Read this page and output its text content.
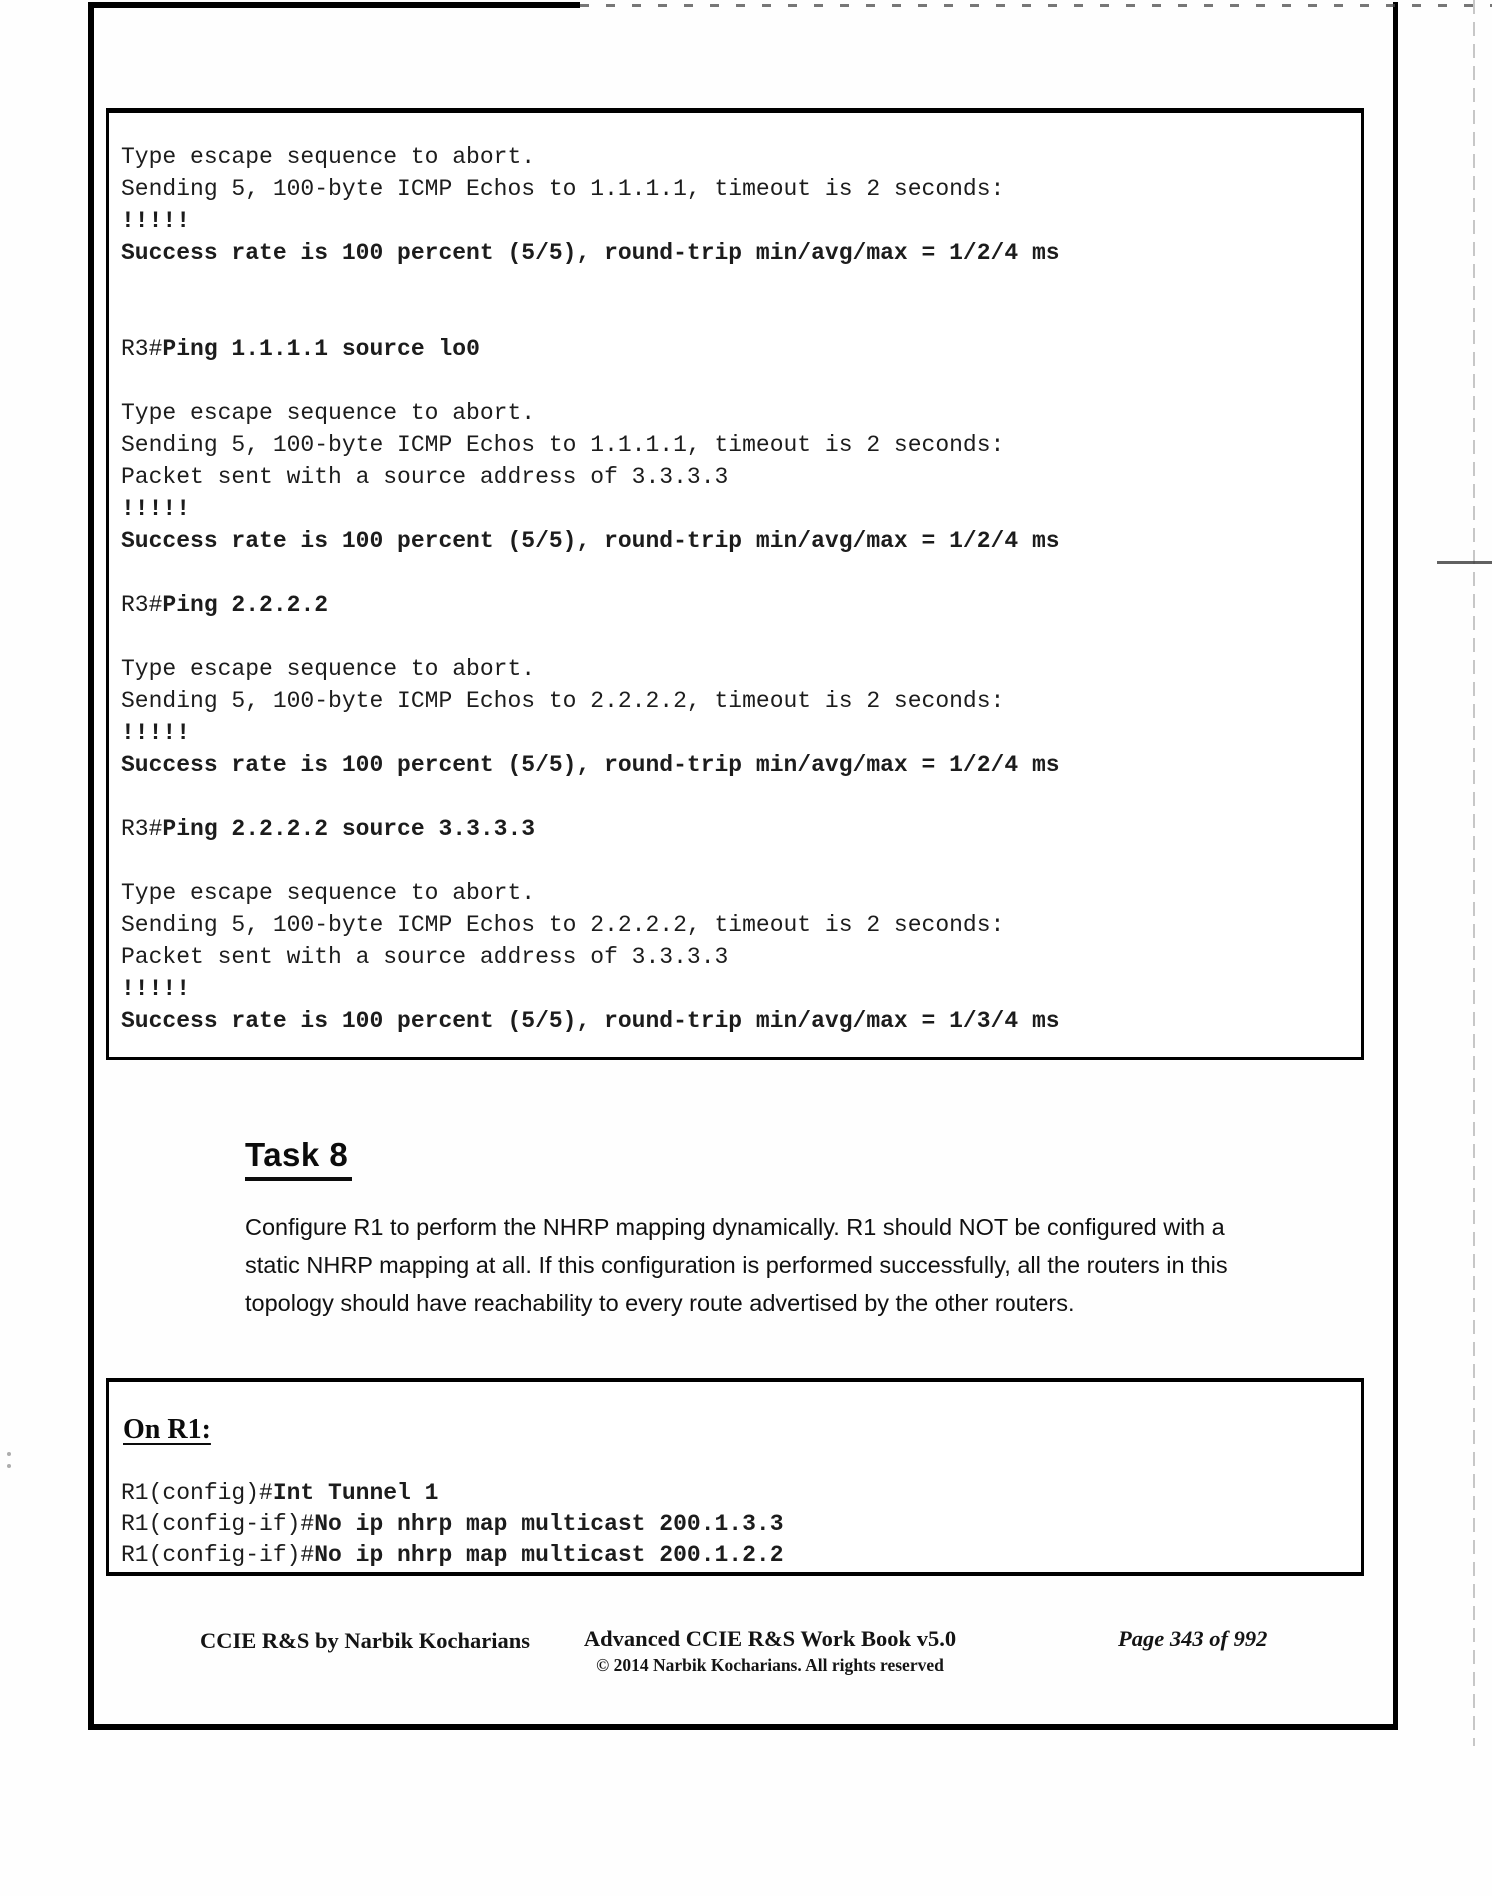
Type escape sequence to abort.
Sending 5, 100-byte ICMP Echos to 1.1.1.1, timeout is 2 seconds:
!!!!!
Success rate is 100 percent (5/5), round-trip min/avg/max = 1/2/4 ms
R3#Ping 1.1.1.1 source lo0
Type escape sequence to abort.
Sending 5, 100-byte ICMP Echos to 1.1.1.1, timeout is 2 seconds:
Packet sent with a source address of 3.3.3.3
!!!!!
Success rate is 100 percent (5/5), round-trip min/avg/max = 1/2/4 ms
R3#Ping 2.2.2.2
Type escape sequence to abort.
Sending 5, 100-byte ICMP Echos to 2.2.2.2, timeout is 2 seconds:
!!!!!
Success rate is 100 percent (5/5), round-trip min/avg/max = 1/2/4 ms
R3#Ping 2.2.2.2 source 3.3.3.3
Type escape sequence to abort.
Sending 5, 100-byte ICMP Echos to 2.2.2.2, timeout is 2 seconds:
Packet sent with a source address of 3.3.3.3
!!!!!
Success rate is 100 percent (5/5), round-trip min/avg/max = 1/3/4 ms
Task 8
Configure R1 to perform the NHRP mapping dynamically. R1 should NOT be configured with a static NHRP mapping at all. If this configuration is performed successfully, all the routers in this topology should have reachability to every route advertised by the other routers.
On R1:
R1(config)#Int Tunnel 1
R1(config-if)#No ip nhrp map multicast 200.1.3.3
R1(config-if)#No ip nhrp map multicast 200.1.2.2
CCIE R&S by Narbik Kocharians	Advanced CCIE R&S Work Book v5.0
© 2014 Narbik Kocharians. All rights reserved
Page 343 of 992
